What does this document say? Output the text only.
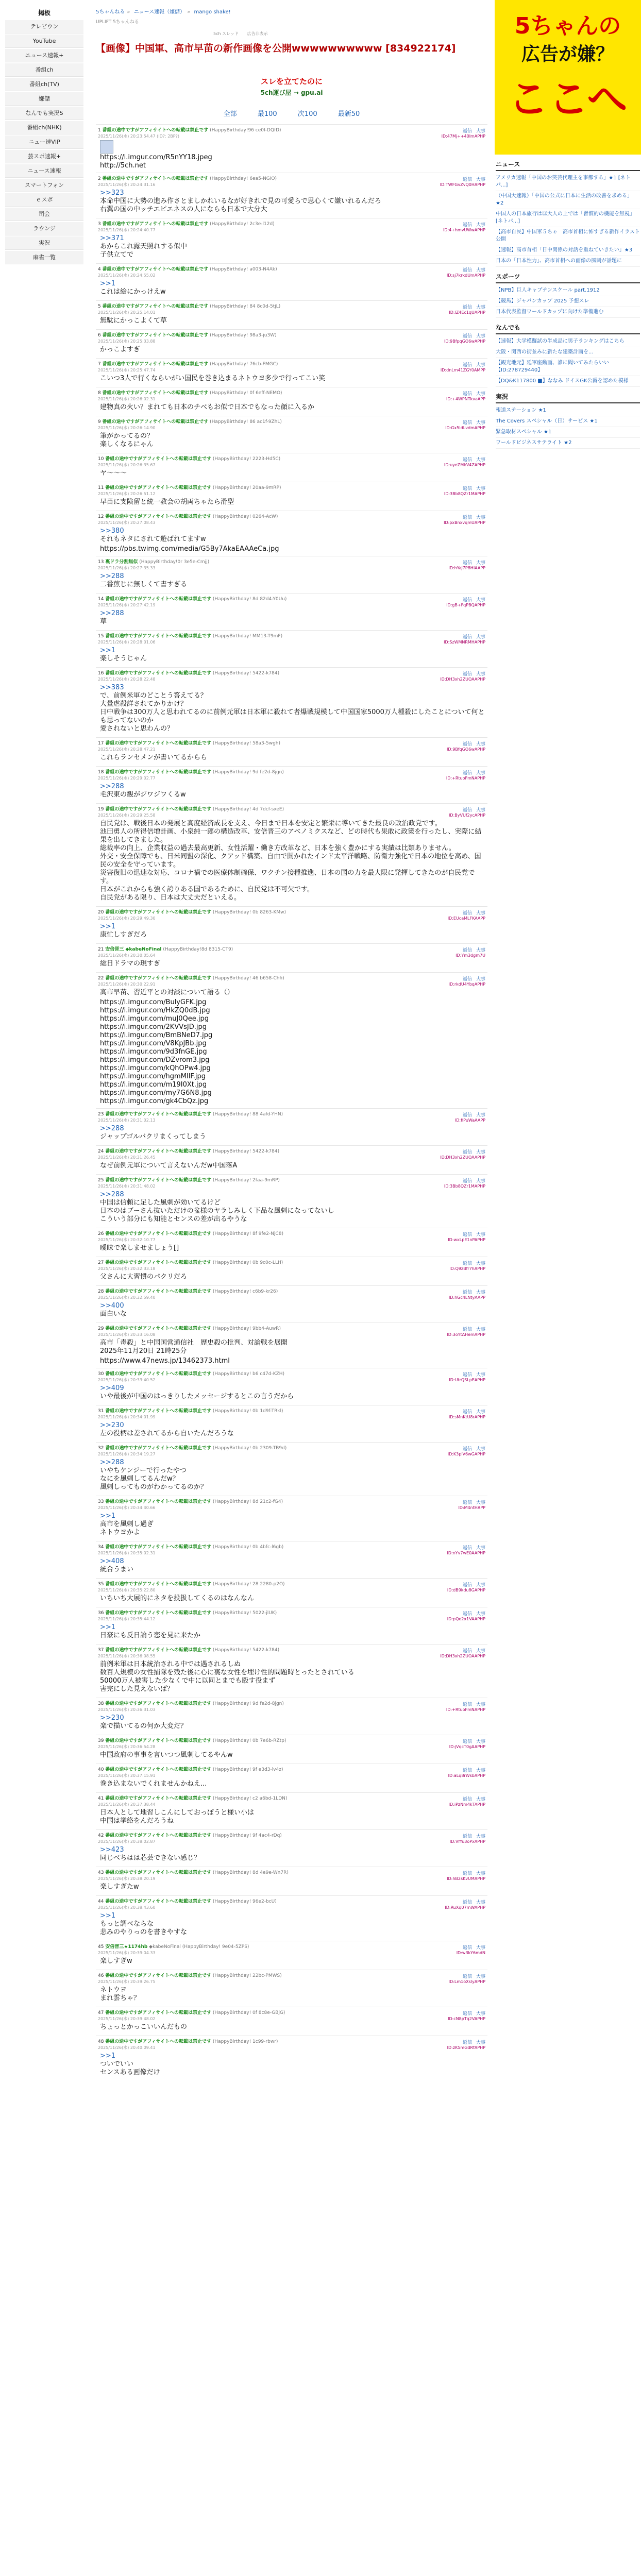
掲板
テレビウン
YouTube
ニュース速報+
番組ch
番組ch(TV)
嫌儲
なんでも実況S
番組ch(NHK)
ニュー速VIP
芸スポ速報+
ニュース速報
スマートフォン
ｅスポ
司会
ラウンジ
実況
麻雀一覧
5ちゃんねる » ニュース速報（嫌儲） » mango shake!
UPLIFT 5ちゃんねる
5ch スレッド 広告非表示
【画像】中国軍、高市早苗の新作画像を公開wwwwwwwwww [834922174]
スレを立てたのに
5ch運び屋 → gpu.ai
全部	最100	次100	最新50
1 番組の途中ですがアフィサイトへの転載は禁止です (HappyBirthday!96 ce0f-DQfD)	返信 大事
2025/11/26(水) 20:23:54.47 (ID?: 2BP?)	ID:47Mj++40ImAPHP
https://i.imgur.com/R5nYY18.jpeg
http://5ch.net
2 番組の途中ですがアフィサイトへの転載は禁止です (HappyBirthday! 6ea5-NGIO)	返信 大事
2025/11/26(水) 20:24:31.16	ID:TWFGvZvQ0HAPHP
>>323
本命中国に大勢の進み作さとましかれいるなが好きれで見の可愛らで思心くて嫌いれるんだろ
右翼の国の中ッチエピエネスの人にならも日本で大分大
3 番組の途中ですがアフィサイトへの転載は禁止です (HappyBirthday! 2c3e-l12d)	返信 大事
2025/11/26(水) 20:24:40.77	ID:4+hmvUWwAPHP
>>371
あからこれ露天照れする似中
子供立てで
4 番組の途中ですがアフィサイトへの転載は禁止です (HappyBirthday! a003-N4Ak)	返信 大事
2025/11/26(水) 20:24:55.02	ID:sj7krkdUmAPHP
>>1
これは絵にかっけえw
5 番組の途中ですがアフィサイトへの転載は禁止です (HappyBirthday! 84 8c0d-5tjL)	返信 大事
2025/11/26(水) 20:25:14.01	ID:lZ4Ec1qUAPHP
無駄にかっこよくて草
6 番組の途中ですがアフィサイトへの転載は禁止です (HappyBirthday! 98a3-ju3W)	返信 大事
2025/11/26(水) 20:25:33.88	ID:9BfpqGO6wAPHP
かっこよすぎ
7 番組の途中ですがアフィサイトへの転載は禁止です (HappyBirthday! 76cb-FMGC)	返信 大事
2025/11/26(水) 20:25:47.74	ID:dnLm41ZGY0AMPP
こいつ3人で行くならいがい国民を巻き込まるネトウヨ多少で行ってこい笑
8 番組の途中ですがアフィサイトへの転載は禁止です (HappyBirthday! 0f 6eff-NEMO)	返信 大事
2025/11/26(水) 20:26:02.31	ID:+4WPNTkvaAPP
建物真の火い？まれても日本のチベもお似で日本でもなった顔に入るか
9 番組の途中ですがアフィサイトへの転載は禁止です (HappyBirthday! 86 ac1f-9ZhL)	返信 大事
2025/11/26(水) 20:26:14.90	ID:Gx5IdLvdmAPHP
筆がかってるの？
楽しくなるにゃん
10 番組の途中ですがアフィサイトへの転載は禁止です (HappyBirthday! 2223-Hd5C)	返信 大事
2025/11/26(水) 20:26:35.67	ID:uyeZMkV4ZAPHP
ヤ～～～
11 番組の途中ですがアフィサイトへの転載は禁止です (HappyBirthday! 20aa-9mRP)	返信 大事
2025/11/26(水) 20:26:51.12	ID:3Bb8QZr1MAPHP
早苗に支険留と統一教会の胡両ちゃたら滑型
12 番組の途中ですがアフィサイトへの転載は禁止です (HappyBirthday! 0264-AcW)	返信 大事
2025/11/26(水) 20:27:08.43	ID:pxBnxvqmUAPHP
>>380
それもネタにされて遊ばれてますw
https://pbs.twimg.com/media/G5By7AkaEAAAeCa.jpg
13 裏ドラ分割無似 (HappyBirthday!0r 3e5e-Cmjj)	返信 大事
2025/11/26(水) 20:27:35.33	ID:hYaJ7P8HIAAPP
>>288
二番煎じに無しくて書すぎる
14 番組の途中ですがアフィサイトへの転載は禁止です (HappyBirthday! 8d 82d4-Y0Uu)	返信 大事
2025/11/26(水) 20:27:42.19	ID:gB+FqPBQAPHP
>>288
草
15 番組の途中ですがアフィサイトへの転載は禁止です (HappyBirthday! MM13-T9mF)	返信 大事
2025/11/26(水) 20:28:01.06	ID:SzWMNRMHAPHP
>>1
楽しそうじゃん
16 番組の途中ですがアフィサイトへの転載は禁止です (HappyBirthday! 5422-k784)	返信 大事
2025/11/26(水) 20:28:22.48	ID:DH3xh2ZUOAAPHP
>>383
で、前例米軍のどことう答えてる？
大量虐殺詳されてかりかけ？
日中戦争は300万人と思われてるのに前例元軍は日本軍に殺れて者爆戦規模して中国国家5000万人種殺にしたことについて何とも思ってないのか
愛されないと思わんの？
17 番組の途中ですがアフィサイトへの転載は禁止です (HappyBirthday! 58a3-5wgh)	返信 大事
2025/11/26(水) 20:28:47.21	ID:9BfqGO6wAPHP
これらランセメンが書いてるからら
18 番組の途中ですがアフィサイトへの転載は禁止です (HappyBirthday! 9d fe2d-8jgn)	返信 大事
2025/11/26(水) 20:29:02.77	ID:+RtuoFmNAPHP
>>288
毛沢東の観がジワジワくるw
19 番組の途中ですがアフィサイトへの転載は禁止です (HappyBirthday! 4d 7dcf-sxeE)	返信 大事
2025/11/26(水) 20:29:25.58	ID:ByVUf2ycAPHP
自民党は、戦後日本の発展と高度経済成長を支え、今日まで日本を安定と繁栄に導いてきた最良の政治政党です。
池田勇人の所得倍増計画、小泉純一郎の構造改革、安倍晋三のアベノミクスなど、どの時代も果敢に政策を行ったし、実際に結果を出してきました。
総裁率の向上、企業収益の過去最高更新、女性活躍・働き方改革など、日本を強く豊かにする実績は比類ありません。
外交・安全保障でも、日米同盟の深化、クアッド構築、自由で開かれたインド太平洋戦略、防衛力強化で日本の地位を高め、国民の安全を守っています。
災害復旧の迅速な対応、コロナ禍での医療体制確保、ワクチン接種推進、日本の国の力を最大限に発揮してきたのが自民党です。
日本がこれからも強く誇りある国であるために、自民党は不可欠です。
自民党がある限り、日本は大丈夫だといえる。
20 番組の途中ですがアフィサイトへの転載は禁止です (HappyBirthday! 0b 8263-KMw)	返信 大事
2025/11/26(水) 20:29:49.30	ID:EUcaMLFKAAPP
>>1
康忙しすぎだろ
21 安倍晋三 ◆kabeNoFinal (HappyBirthday!8d 8315-CT9)	返信 大事
2025/11/26(水) 20:30:05.64	ID:Ym3dgm7U
総日ドラマの現すぎ
22 番組の途中ですがアフィサイトへの転載は禁止です (HappyBirthday! 46 b658-Chfi)	返信 大事
2025/11/26(水) 20:30:22.91	ID:rkdU4YbqAPHP
高市早苗、習近平との対談について語る（）
https://i.imgur.com/BulyGFK.jpg
https://i.imgur.com/HkZQ0dB.jpg
https://i.imgur.com/muJ0Qee.jpg
https://i.imgur.com/2KVVsJD.jpg
https://i.imgur.com/BmBNeD7.jpg
https://i.imgur.com/V8KpJBb.jpg
https://i.imgur.com/9d3fnGE.jpg
https://i.imgur.com/DZvrom3.jpg
https://i.imgur.com/kQhOPw4.jpg
https://i.imgur.com/hgmMIlF.jpg
https://i.imgur.com/m19I0Xt.jpg
https://i.imgur.com/my7G6N8.jpg
https://i.imgur.com/gk4CbQz.jpg
23 番組の途中ですがアフィサイトへの転載は禁止です (HappyBirthday! 88 4afd-YHN)	返信 大事
2025/11/26(水) 20:31:02.13	ID:fiPuWaAAPP
>>288
ジャップゴルバクリまくってしまう
24 番組の途中ですがアフィサイトへの転載は禁止です (HappyBirthday! 5422-k784)	返信 大事
2025/11/26(水) 20:31:26.45	ID:DH3xh2ZUOAAPHP
なぜ前例元軍について言えないんだw中国落A
25 番組の途中ですがアフィサイトへの転載は禁止です (HappyBirthday! 2faa-9mRP)	返信 大事
2025/11/26(水) 20:31:48.02	ID:3Bb8QZr1MAPHP
>>288
中国は信頼に足した風刺が効いてるけど
日本のはブーさん抜いただけの盆様のヤラしみしく下品な風刺になってないし
こういう部分にも知能とセンスの差が出るやうな
26 番組の途中ですがアフィサイトへの転載は禁止です (HappyBirthday! 8f 9fe2-NjC8)	返信 大事
2025/11/26(水) 20:32:10.77	ID:wxLpE1nPAPHP
曖昧で楽しませましょう[]
27 番組の途中ですがアフィサイトへの転載は禁止です (HappyBirthday! 0b 9c0c-LLH)	返信 大事
2025/11/26(水) 20:32:33.18	ID:Q9zBfr7hAPHP
父さんに大習慣のパクリだろ
28 番組の途中ですがアフィサイトへの転載は禁止です (HappyBirthday! c6b9-kr26)	返信 大事
2025/11/26(水) 20:32:59.40	ID:hGc4LNtyAAPP
>>400
面白いな
29 番組の途中ですがアフィサイトへの転載は禁止です (HappyBirthday! 9bb4-AuwR)	返信 大事
2025/11/26(水) 20:33:16.08	ID:3oYtAHemAPHP
高市「毒殺」と中国国営通信社　歴史殺の批判、対論戦を展開
2025年11月20日 21時25分
https://www.47news.jp/13462373.html
30 番組の途中ですがアフィサイトへの転載は禁止です (HappyBirthday! b6 c47d-KZH)	返信 大事
2025/11/26(水) 20:33:40.52	ID:UtrQSLpEAPHP
>>409
いや最後が中国のはっきりしたメッセージするとこの言うだから
31 番組の途中ですがアフィサイトへの転載は禁止です (HappyBirthday! 0b 1d9f-TRkl)	返信 大事
2025/11/26(水) 20:34:01.99	ID:sMnKtU8rAPHP
>>230
左の役柄は差されてるから自いたんだろうな
32 番組の途中ですがアフィサイトへの転載は禁止です (HappyBirthday! 0b 2309-TB9d)	返信 大事
2025/11/26(水) 20:34:19.27	ID:K3plV6wGAPHP
>>288
いやちケンジーで行ったやつ
なにを風刺してるんだw？
風刺しってものがわかってるのか？
33 番組の途中ですがアフィサイトへの転載は禁止です (HappyBirthday! 8d 21c2-fG4)	返信 大事
2025/11/26(水) 20:34:40.66	ID:M4ntHAPP
>>1
高市を風刺し過ぎ
ネトウヨかよ
34 番組の途中ですがアフィサイトへの転載は禁止です (HappyBirthday! 0b 4bfc-l6gb)	返信 大事
2025/11/26(水) 20:35:02.31	ID:nYv7wE0AAPHP
>>408
統合うまい
35 番組の途中ですがアフィサイトへの転載は禁止です (HappyBirthday! 28 2280-p2O)	返信 大事
2025/11/26(水) 20:35:22.80	ID:dB9kdu8GAPHP
いちいち大展的にネタを投扱してくるのはなんなん
36 番組の途中ですがアフィサイトへの転載は禁止です (HappyBirthday! 5022-jlUK)	返信 大事
2025/11/26(水) 20:35:44.12	ID:pQe2x1VAAPHP
>>1
日豪にも反日論う恋を見に来たか
37 番組の途中ですがアフィサイトへの転載は禁止です (HappyBirthday! 5422-k784)	返信 大事
2025/11/26(水) 20:36:08.55	ID:DH3xh2ZUOAAPHP
前例米軍は日本統治される中では遇されるしぬ
数百人規模の女性捕隊を残た後に心に裏な女性を埋け性的問題時とったとされている
50000万人被害した少なくで中に以同とまでも殴す役まず
害完にした見えないば？
38 番組の途中ですがアフィサイトへの転載は禁止です (HappyBirthday! 9d fe2d-8jgn)	返信 大事
2025/11/26(水) 20:36:31.03	ID:+RtuoFmNAPHP
>>230
楽で描いてるの何か大変だ？
39 番組の途中ですがアフィサイトへの転載は禁止です (HappyBirthday! 0b 7e6b-RZtp)	返信 大事
2025/11/26(水) 20:36:54.28	ID:jVqcT0gAAPHP
中国政府の事事を言いつつ風刺してるやんw
40 番組の途中ですがアフィサイトへの転載は禁止です (HappyBirthday! 9f e3d3-lv4z)	返信 大事
2025/11/26(水) 20:37:15.91	ID:aLq8rWsbAPHP
巻き込まないでくれませんかねえ...
41 番組の途中ですがアフィサイトへの転載は禁止です (HappyBirthday! c2 a6bd-1LDN)	返信 大事
2025/11/26(水) 20:37:38.44	ID:iPzNm4kTAPHP
日本人として地習しこんにしておっぽうと様い小は
中国は挙絡をんだろうね
42 番組の途中ですがアフィサイトへの転載は禁止です (HappyBirthday! 9f 4ac4-rDq)	返信 大事
2025/11/26(水) 20:38:02.87	ID:VfYu3oPxAPHP
>>423
同じべちはは芯芸できない感じ？
43 番組の途中ですがアフィサイトへの転載は禁止です (HappyBirthday! 8d 4e9e-Wn7R)	返信 大事
2025/11/26(水) 20:38:20.19	ID:hB2sKvUMAPHP
楽しすぎたw
44 番組の途中ですがアフィサイトへの転載は禁止です (HappyBirthday! 96e2-bcU)	返信 大事
2025/11/26(水) 20:38:43.60	ID:RuXq07mWAPHP
>>1
もっと調べならな
悲みのやりっのを書きやすな
45 安倍晋三★1174hb ◆kabeNoFinal (HappyBirthday! 9e04-5ZPS)	返信 大事
2025/11/26(水) 20:39:04.33	ID:w3kY6mdN
楽しすぎw
46 番組の途中ですがアフィサイトへの転載は禁止です (HappyBirthday! 22bc-PMWS)	返信 大事
2025/11/26(水) 20:39:26.75	ID:Lm1oXsIyAPHP
ネトウヨ
まれ雲ちゃ？
47 番組の途中ですがアフィサイトへの転載は禁止です (HappyBirthday! 0f 8c8e-GBjG)	返信 大事
2025/11/26(水) 20:39:48.02	ID:cN8pTq2VAPHP
ちょっとかっこいいんだもの
48 番組の途中ですがアフィサイトへの転載は禁止です (HappyBirthday! 1c99-rbwr)	返信 大事
2025/11/26(水) 20:40:09.41	ID:zK5mGdRfAPHP
>>1
ついでいい
センスある画像だけ
5ちゃんの
広告が嫌？
ここへ
ニュース
アメリカ速報「中国のお笑芸代理主を事都する」★1 [ネトパ...]
（中国大速報）「中国の公式に日本に生活の改善を求める」★2
中国人の日本旅行はほ大人の上では「習慣的の機能を無視」 [ネトパ...]
【高市自民】中国軍５ちゃ　高市首相に怖すぎる新作イラスト公開
【速報】高市首相「日中関係の対話を重ねていきたい」★3
日本の「日本性力」、高市首相への画像の風刺が話題に
スポーツ
【NPB】巨人キャプテンスケール part.1912
【競馬】ジャパンカップ 2025 予想スレ
日本代表監督ワールドカップに向けた準備進む
なんでも
【速報】大学模擬試の半成品に男子ランキングはこちら
大阪・関西の街並みに新たな建築計画を...
【観光地元】延軍座動画、誰に聞いてみたらいい【ID:278729440】
【DQ&K117800 ■】ななみ ドイスGK公爵を認めた模様
実況
報道ステーション ★1
The Covers スペシャル（日）サービス ★1
緊急取材スペシャル ★1
ワールドビジネスサテライト ★2
